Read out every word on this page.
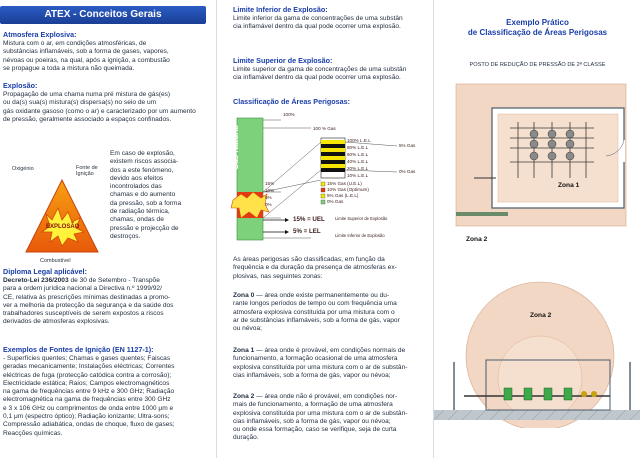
ATEX - Conceitos Gerais
Atmosfera Explosiva:
Mistura com o ar, em condições atmosféricas, de
substâncias inflamáveis, sob a forma de gases, vapores,
névoas ou poeiras, na qual, após a ignição, a combustão
se propague a toda a mistura não queimada.
Explosão:
Propagação de uma chama numa pré mistura de gás(es)
ou da(s) sua(s) mistura(s) dispersa(s) no seio de um
gás oxidante gasoso (como o ar) e caracterizado por um aumento
de pressão, geralmente associado a espaços confinados.
Oxigénio	Fonte de Ignição
EXPLOSÃO
Combustível
Em caso de explosão,
existem riscos associa-
dos a este fenómeno,
devido aos efeitos
incontrolados das
chamas e do aumento
da pressão, sob a forma
de radiação térmica,
chamas, ondas de
pressão e projecção de
destroços.
Diploma Legal aplicável:
Decreto-Lei 236/2003 de 30 de Setembro - Transpõe
para a ordem jurídica nacional a Directiva n.º 1999/92/
CE, relativa às prescrições mínimas destinadas a promo-
ver a melhoria da protecção da segurança e da saúde dos
trabalhadores susceptíveis de serem expostos a riscos
derivados de atmosferas explosivas.
Exemplos de Fontes de Ignição (EN 1127-1):
- Superfícies quentes; Chamas e gases quentes; Faiscas
geradas mecanicamente; Instalações eléctricas; Correntes
eléctricas de fuga (protecção catódica contra a corrosão);
Electricidade estática; Raios; Campos electromagnéticos
na gama de frequências entre 9 kHz e 300 GHz; Radiação
electromagnética na gama de frequências entre 300 GHz
e 3 x 106 GHz ou comprimentos de onda entre 1000 μm e
0,1 μm (espectro óptico); Radiação ionizante; Ultra-sons;
Compressão adiabática, ondas de choque, fluxo de gases;
Reacções químicas.
Limite Inferior de Explosão:
Limite inferior da gama de concentrações de uma substân
cia inflamável dentro da qual pode ocorrer uma explosão.
Limite Superior de Explosão:
Limite superior da gama de concentrações de uma substân
cia inflamável dentro da qual pode ocorrer uma explosão.
Classificação de Áreas Perigosas:
100%
100 % Gas
100% L.E.L
80% L.E.L
60% L.E.L
40% L.E.L
20% L.E.L
10% L.E.L
5% Gas
0% Gas
15% Gas (U.E.L)
10% Gas (Optimum)
5% Gas (L.E.L)
0% Gas
15%
10%
5%
0%
Gás Natural
15% = UEL
5% = LEL
Limite Superior de Explosão
Limite Inferior de Explosão
As áreas perigosas são classificadas, em função da
frequência e da duração da presença de atmosferas ex-
plosivas, nas seguintes zonas:
Zona 0 — área onde existe permanentemente ou du-
rante longos períodos de tempo ou com frequência uma
atmosfera explosiva constituída por uma mistura com o
ar de substâncias inflamáveis, sob a forma de gás, vapor
ou névoa;
Zona 1 — área onde é provável, em condições normais de
funcionamento, a formação ocasional de uma atmosfera
explosiva constituída por uma mistura com o ar de substân-
cias inflamáveis, sob a forma de gás, vapor ou névoa;
Zona 2 — área onde não é provável, em condições nor-
mais de funcionamento, a formação de uma atmosfera
explosiva constituída por uma mistura com o ar de substân-
cias inflamáveis, sob a forma de gás, vapor ou névoa;
ou onde essa formação, caso se verifique, seja de curta
duração.
Exemplo Prático
de Classificação de Áreas Perigosas
POSTO DE REDUÇÃO DE PRESSÃO DE 2ª CLASSE
Zona 1
Zona 2
Zona 2
